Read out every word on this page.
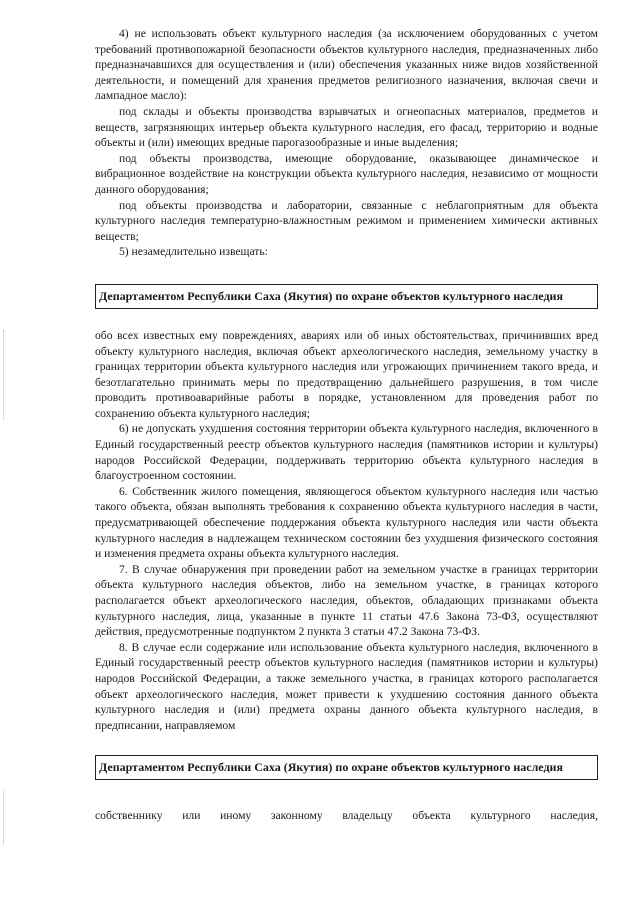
4) не использовать объект культурного наследия (за исключением оборудованных с учетом требований противопожарной безопасности объектов культурного наследия, предназначенных либо предназначавшихся для осуществления и (или) обеспечения указанных ниже видов хозяйственной деятельности, и помещений для хранения предметов религиозного назначения, включая свечи и лампадное масло):

под склады и объекты производства взрывчатых и огнеопасных материалов, предметов и веществ, загрязняющих интерьер объекта культурного наследия, его фасад, территорию и водные объекты и (или) имеющих вредные парогазообразные и иные выделения;

под объекты производства, имеющие оборудование, оказывающее динамическое и вибрационное воздействие на конструкции объекта культурного наследия, независимо от мощности данного оборудования;

под объекты производства и лаборатории, связанные с неблагоприятным для объекта культурного наследия температурно-влажностным режимом и применением химически активных веществ;

5) незамедлительно извещать:

Департаментом Республики Саха (Якутия) по охране объектов культурного наследия

обо всех известных ему повреждениях, авариях или об иных обстоятельствах, причинивших вред объекту культурного наследия, включая объект археологического наследия, земельному участку в границах территории объекта культурного наследия или угрожающих причинением такого вреда, и безотлагательно принимать меры по предотвращению дальнейшего разрушения, в том числе проводить противоаварийные работы в порядке, установленном для проведения работ по сохранению объекта культурного наследия;

6) не допускать ухудшения состояния территории объекта культурного наследия, включенного в Единый государственный реестр объектов культурного наследия (памятников истории и культуры) народов Российской Федерации, поддерживать территорию объекта культурного наследия в благоустроенном состоянии.

6. Собственник жилого помещения, являющегося объектом культурного наследия или частью такого объекта, обязан выполнять требования к сохранению объекта культурного наследия в части, предусматривающей обеспечение поддержания объекта культурного наследия или части объекта культурного наследия в надлежащем техническом состоянии без ухудшения физического состояния и изменения предмета охраны объекта культурного наследия.

7. В случае обнаружения при проведении работ на земельном участке в границах территории объекта культурного наследия объектов, либо на земельном участке, в границах которого располагается объект археологического наследия, объектов, обладающих признаками объекта культурного наследия, лица, указанные в пункте 11 статьи 47.6 Закона 73-ФЗ, осуществляют действия, предусмотренные подпунктом 2 пункта 3 статьи 47.2 Закона 73-ФЗ.

8. В случае если содержание или использование объекта культурного наследия, включенного в Единый государственный реестр объектов культурного наследия (памятников истории и культуры) народов Российской Федерации, а также земельного участка, в границах которого располагается объект археологического наследия, может привести к ухудшению состояния данного объекта культурного наследия и (или) предмета охраны данного объекта культурного наследия, в предписании, направляемом

Департаментом Республики Саха (Якутия) по охране объектов культурного наследия

собственнику или иному законному владельцу объекта культурного наследия,
